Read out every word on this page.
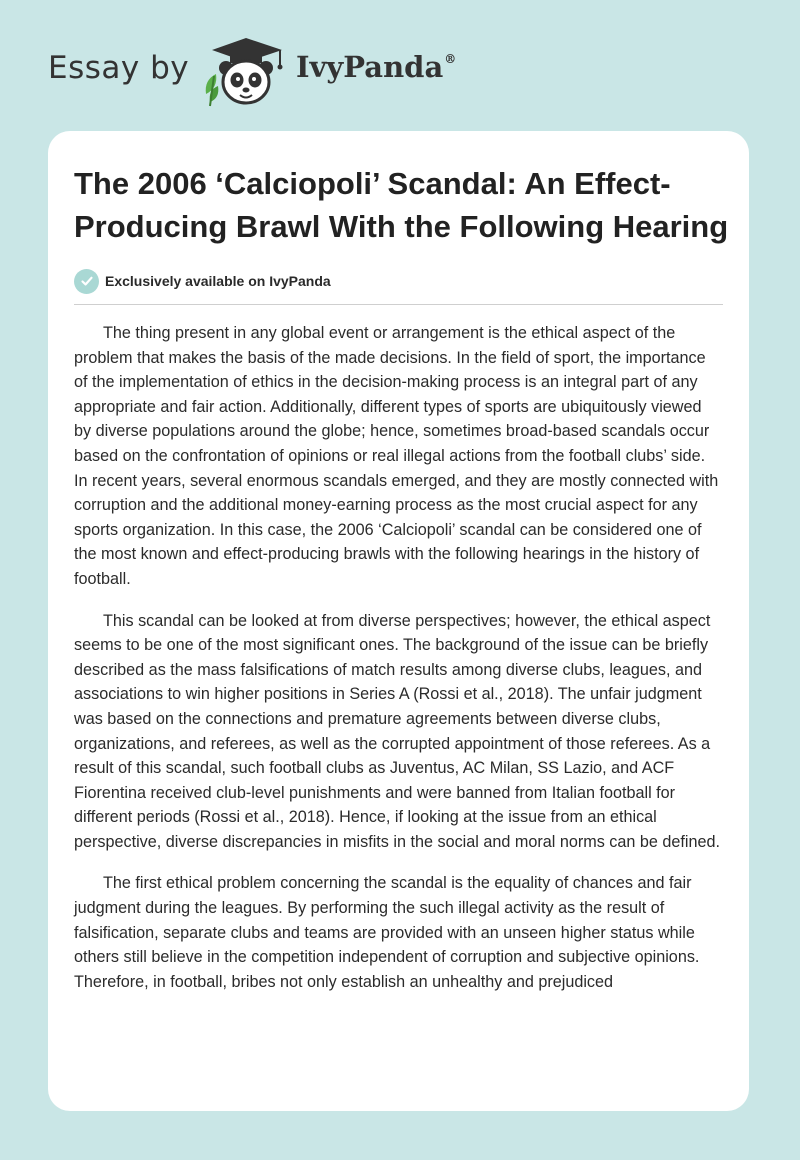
Essay by	IvyPanda®
The 2006 ‘Calciopoli’ Scandal: An Effect-Producing Brawl With the Following Hearing
Exclusively available on IvyPanda

The thing present in any global event or arrangement is the ethical aspect of the problem that makes the basis of the made decisions. In the field of sport, the importance of the implementation of ethics in the decision-making process is an integral part of any appropriate and fair action. Additionally, different types of sports are ubiquitously viewed by diverse populations around the globe; hence, sometimes broad-based scandals occur based on the confrontation of opinions or real illegal actions from the football clubs’ side. In recent years, several enormous scandals emerged, and they are mostly connected with corruption and the additional money-earning process as the most crucial aspect for any sports organization. In this case, the 2006 ‘Calciopoli’ scandal can be considered one of the most known and effect-producing brawls with the following hearings in the history of football.

This scandal can be looked at from diverse perspectives; however, the ethical aspect seems to be one of the most significant ones. The background of the issue can be briefly described as the mass falsifications of match results among diverse clubs, leagues, and associations to win higher positions in Series A (Rossi et al., 2018). The unfair judgment was based on the connections and premature agreements between diverse clubs, organizations, and referees, as well as the corrupted appointment of those referees. As a result of this scandal, such football clubs as Juventus, AC Milan, SS Lazio, and ACF Fiorentina received club-level punishments and were banned from Italian football for different periods (Rossi et al., 2018). Hence, if looking at the issue from an ethical perspective, diverse discrepancies in misfits in the social and moral norms can be defined.

The first ethical problem concerning the scandal is the equality of chances and fair judgment during the leagues. By performing the such illegal activity as the result of falsification, separate clubs and teams are provided with an unseen higher status while others still believe in the competition independent of corruption and subjective opinions. Therefore, in football, bribes not only establish an unhealthy and prejudiced
